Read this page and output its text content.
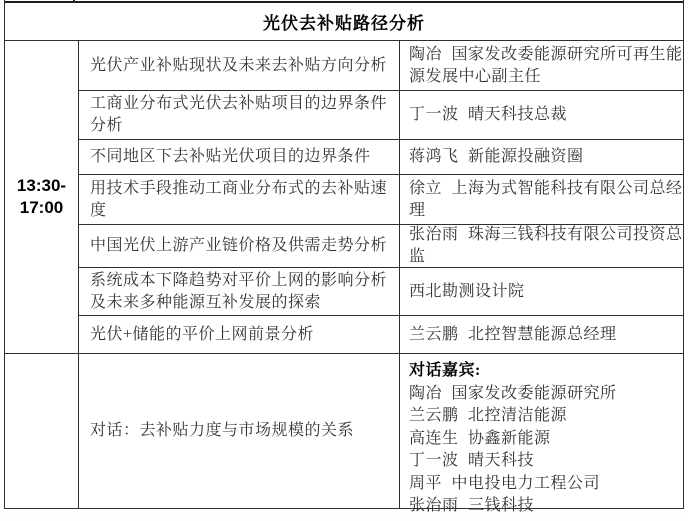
光伏去补贴路径分析
13:30-
17:00
光伏产业补贴现状及未来去补贴方向分析
陶冶 国家发改委能源研究所可再生能源发展中心副主任
工商业分布式光伏去补贴项目的边界条件分析
丁一波 晴天科技总裁
不同地区下去补贴光伏项目的边界条件	蒋鸿飞 新能源投融资圈
用技术手段推动工商业分布式的去补贴速度
徐立 上海为式智能科技有限公司总经理
中国光伏上游产业链价格及供需走势分析
张治雨 珠海三钱科技有限公司投资总监
系统成本下降趋势对平价上网的影响分析及未来多种能源互补发展的探索
西北勘测设计院
光伏+储能的平价上网前景分析	兰云鹏 北控智慧能源总经理
对话：去补贴力度与市场规模的关系
对话嘉宾:
陶冶 国家发改委能源研究所
兰云鹏 北控清洁能源
高连生 协鑫新能源
丁一波 晴天科技
周平 中电投电力工程公司
张治雨 三钱科技
